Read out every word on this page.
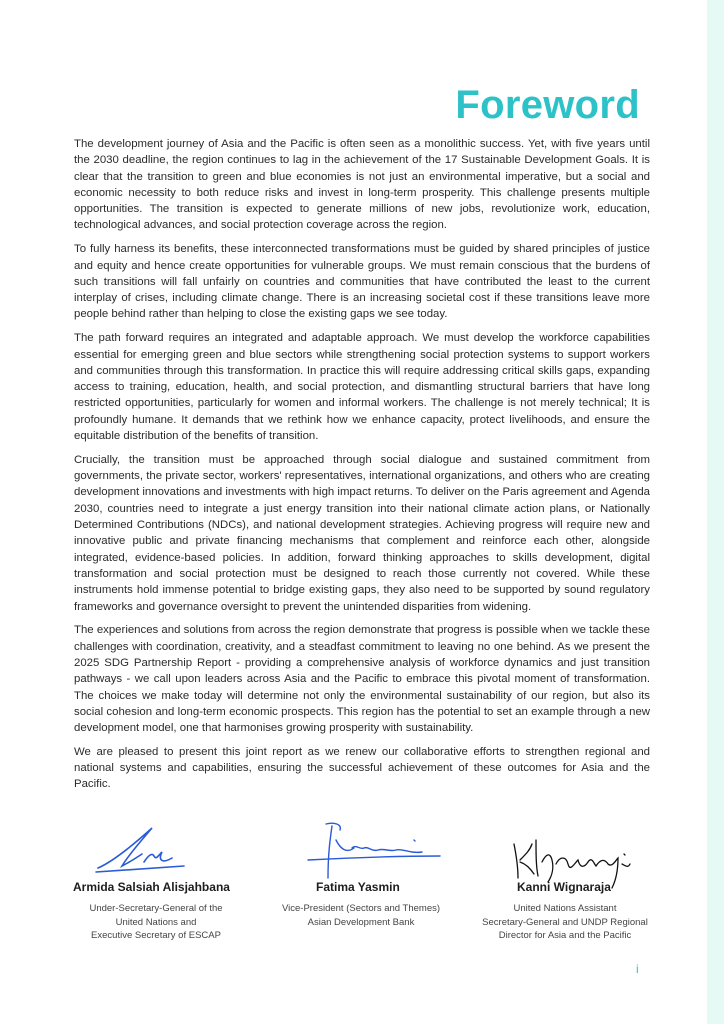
Foreword

The development journey of Asia and the Pacific is often seen as a monolithic success. Yet, with five years until the 2030 deadline, the region continues to lag in the achievement of the 17 Sustainable Development Goals. It is clear that the transition to green and blue economies is not just an environmental imperative, but a social and economic necessity to both reduce risks and invest in long-term prosperity. This challenge presents multiple opportunities. The transition is expected to generate millions of new jobs, revolutionize work, education, technological advances, and social protection coverage across the region.

To fully harness its benefits, these interconnected transformations must be guided by shared principles of justice and equity and hence create opportunities for vulnerable groups. We must remain conscious that the burdens of such transitions will fall unfairly on countries and communities that have contributed the least to the current interplay of crises, including climate change. There is an increasing societal cost if these transitions leave more people behind rather than helping to close the existing gaps we see today.

The path forward requires an integrated and adaptable approach. We must develop the workforce capabilities essential for emerging green and blue sectors while strengthening social protection systems to support workers and communities through this transformation. In practice this will require addressing critical skills gaps, expanding access to training, education, health, and social protection, and dismantling structural barriers that have long restricted opportunities, particularly for women and informal workers. The challenge is not merely technical; It is profoundly humane. It demands that we rethink how we enhance capacity, protect livelihoods, and ensure the equitable distribution of the benefits of transition.

Crucially, the transition must be approached through social dialogue and sustained commitment from governments, the private sector, workers' representatives, international organizations, and others who are creating development innovations and investments with high impact returns. To deliver on the Paris agreement and Agenda 2030, countries need to integrate a just energy transition into their national climate action plans, or Nationally Determined Contributions (NDCs), and national development strategies. Achieving progress will require new and innovative public and private financing mechanisms that complement and reinforce each other, alongside integrated, evidence-based policies. In addition, forward thinking approaches to skills development, digital transformation and social protection must be designed to reach those currently not covered. While these instruments hold immense potential to bridge existing gaps, they also need to be supported by sound regulatory frameworks and governance oversight to prevent the unintended disparities from widening.

The experiences and solutions from across the region demonstrate that progress is possible when we tackle these challenges with coordination, creativity, and a steadfast commitment to leaving no one behind. As we present the 2025 SDG Partnership Report - providing a comprehensive analysis of workforce dynamics and just transition pathways - we call upon leaders across Asia and the Pacific to embrace this pivotal moment of transformation. The choices we make today will determine not only the environmental sustainability of our region, but also its social cohesion and long-term economic prospects. This region has the potential to set an example through a new development model, one that harmonises growing prosperity with sustainability.

We are pleased to present this joint report as we renew our collaborative efforts to strengthen regional and national systems and capabilities, ensuring the successful achievement of these outcomes for Asia and the Pacific.

Armida Salsiah Alisjahbana
Under-Secretary-General of the
United Nations and
Executive Secretary of ESCAP
Fatima Yasmin
Vice-President (Sectors and Themes)
Asian Development Bank
Kanni Wignaraja
United Nations Assistant
Secretary-General and UNDP Regional
Director for Asia and the Pacific
i
